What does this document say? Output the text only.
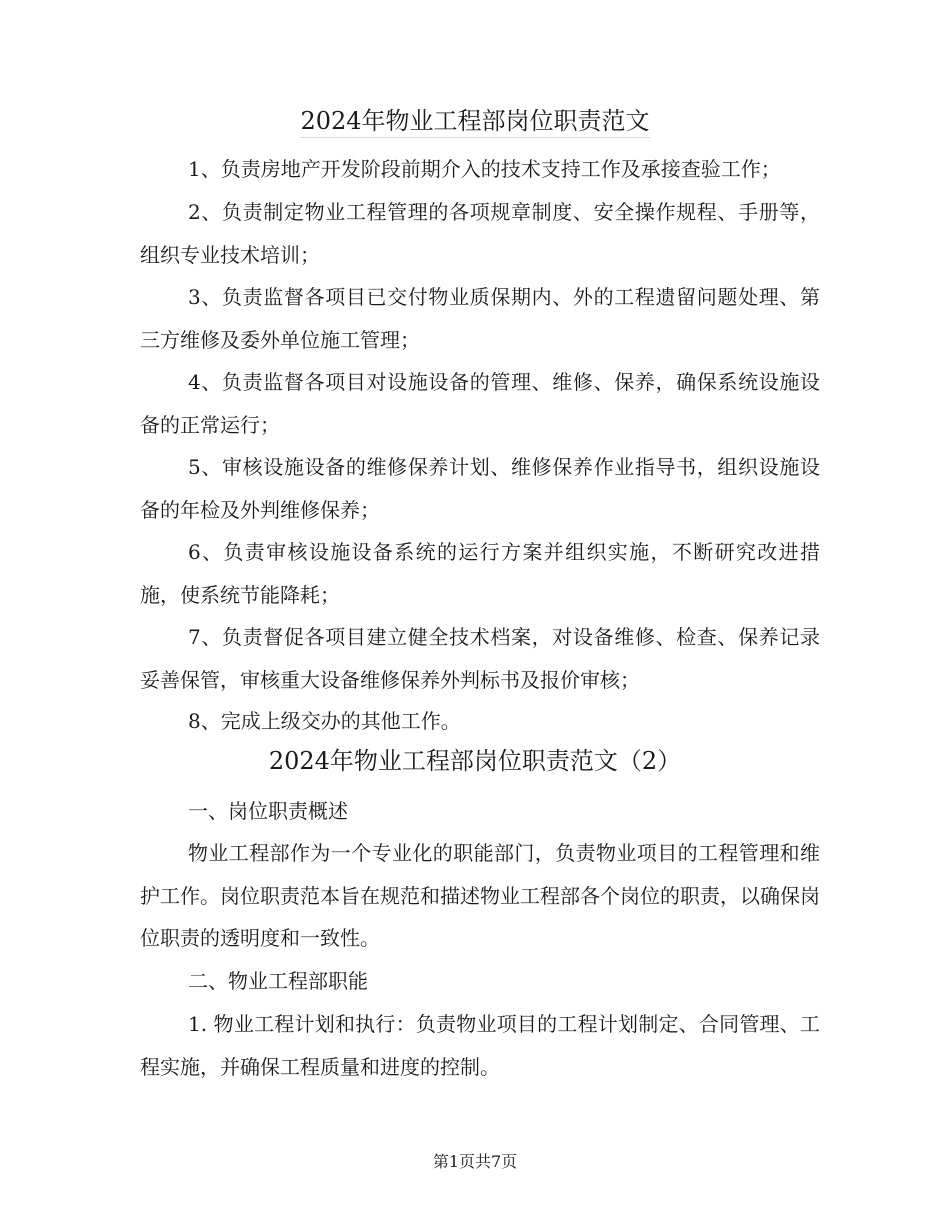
2024年物业工程部岗位职责范文

1、负责房地产开发阶段前期介入的技术支持工作及承接查验工作；

2、负责制定物业工程管理的各项规章制度、安全操作规程、手册等，组织专业技术培训；

3、负责监督各项目已交付物业质保期内、外的工程遗留问题处理、第三方维修及委外单位施工管理；

4、负责监督各项目对设施设备的管理、维修、保养，确保系统设施设备的正常运行；

5、审核设施设备的维修保养计划、维修保养作业指导书，组织设施设备的年检及外判维修保养；

6、负责审核设施设备系统的运行方案并组织实施，不断研究改进措施，使系统节能降耗；

7、负责督促各项目建立健全技术档案，对设备维修、检查、保养记录妥善保管，审核重大设备维修保养外判标书及报价审核；

8、完成上级交办的其他工作。

2024年物业工程部岗位职责范文（2）

一、岗位职责概述

物业工程部作为一个专业化的职能部门，负责物业项目的工程管理和维护工作。岗位职责范本旨在规范和描述物业工程部各个岗位的职责，以确保岗位职责的透明度和一致性。

二、物业工程部职能

1. 物业工程计划和执行：负责物业项目的工程计划制定、合同管理、工程实施，并确保工程质量和进度的控制。

第1页共7页
